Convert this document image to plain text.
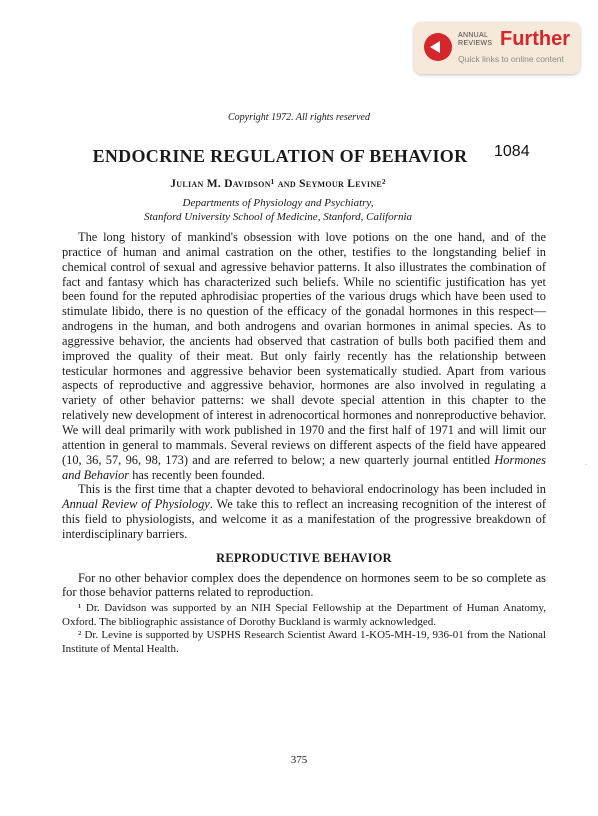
ANNUAL
REVIEWS Further
Quick links to online content
Copyright 1972. All rights reserved
1084
ENDOCRINE REGULATION OF BEHAVIOR
Julian M. Davidson¹ and Seymour Levine²
Departments of Physiology and Psychiatry,
Stanford University School of Medicine, Stanford, California

The long history of mankind's obsession with love potions on the one hand, and of the practice of human and animal castration on the other, testifies to the longstanding belief in chemical control of sexual and agressive behavior patterns. It also illustrates the combination of fact and fantasy which has characterized such beliefs. While no scientific justification has yet been found for the reputed aphrodisiac properties of the various drugs which have been used to stimulate libido, there is no question of the efficacy of the gonadal hormones in this respect—androgens in the human, and both androgens and ovarian hormones in animal species. As to aggressive behavior, the ancients had observed that castration of bulls both pacified them and improved the quality of their meat. But only fairly recently has the relationship between testicular hormones and aggressive behavior been systematically studied. Apart from various aspects of reproductive and aggressive behavior, hormones are also involved in regulating a variety of other behavior patterns: we shall devote special attention in this chapter to the relatively new development of interest in adrenocortical hormones and nonreproductive behavior. We will deal primarily with work published in 1970 and the first half of 1971 and will limit our attention in general to mammals. Several reviews on different aspects of the field have appeared (10, 36, 57, 96, 98, 173) and are referred to below; a new quarterly journal entitled Hormones and Behavior has recently been founded.

This is the first time that a chapter devoted to behavioral endocrinology has been included in Annual Review of Physiology. We take this to reflect an increasing recognition of the interest of this field to physiologists, and welcome it as a manifestation of the progressive breakdown of interdisciplinary barriers.

REPRODUCTIVE BEHAVIOR

For no other behavior complex does the dependence on hormones seem to be so complete as for those behavior patterns related to reproduction.

¹ Dr. Davidson was supported by an NIH Special Fellowship at the Department of Human Anatomy, Oxford. The bibliographic assistance of Dorothy Buckland is warmly acknowledged.

² Dr. Levine is supported by USPHS Research Scientist Award 1-KO5-MH-19, 936-01 from the National Institute of Mental Health.

375
·
